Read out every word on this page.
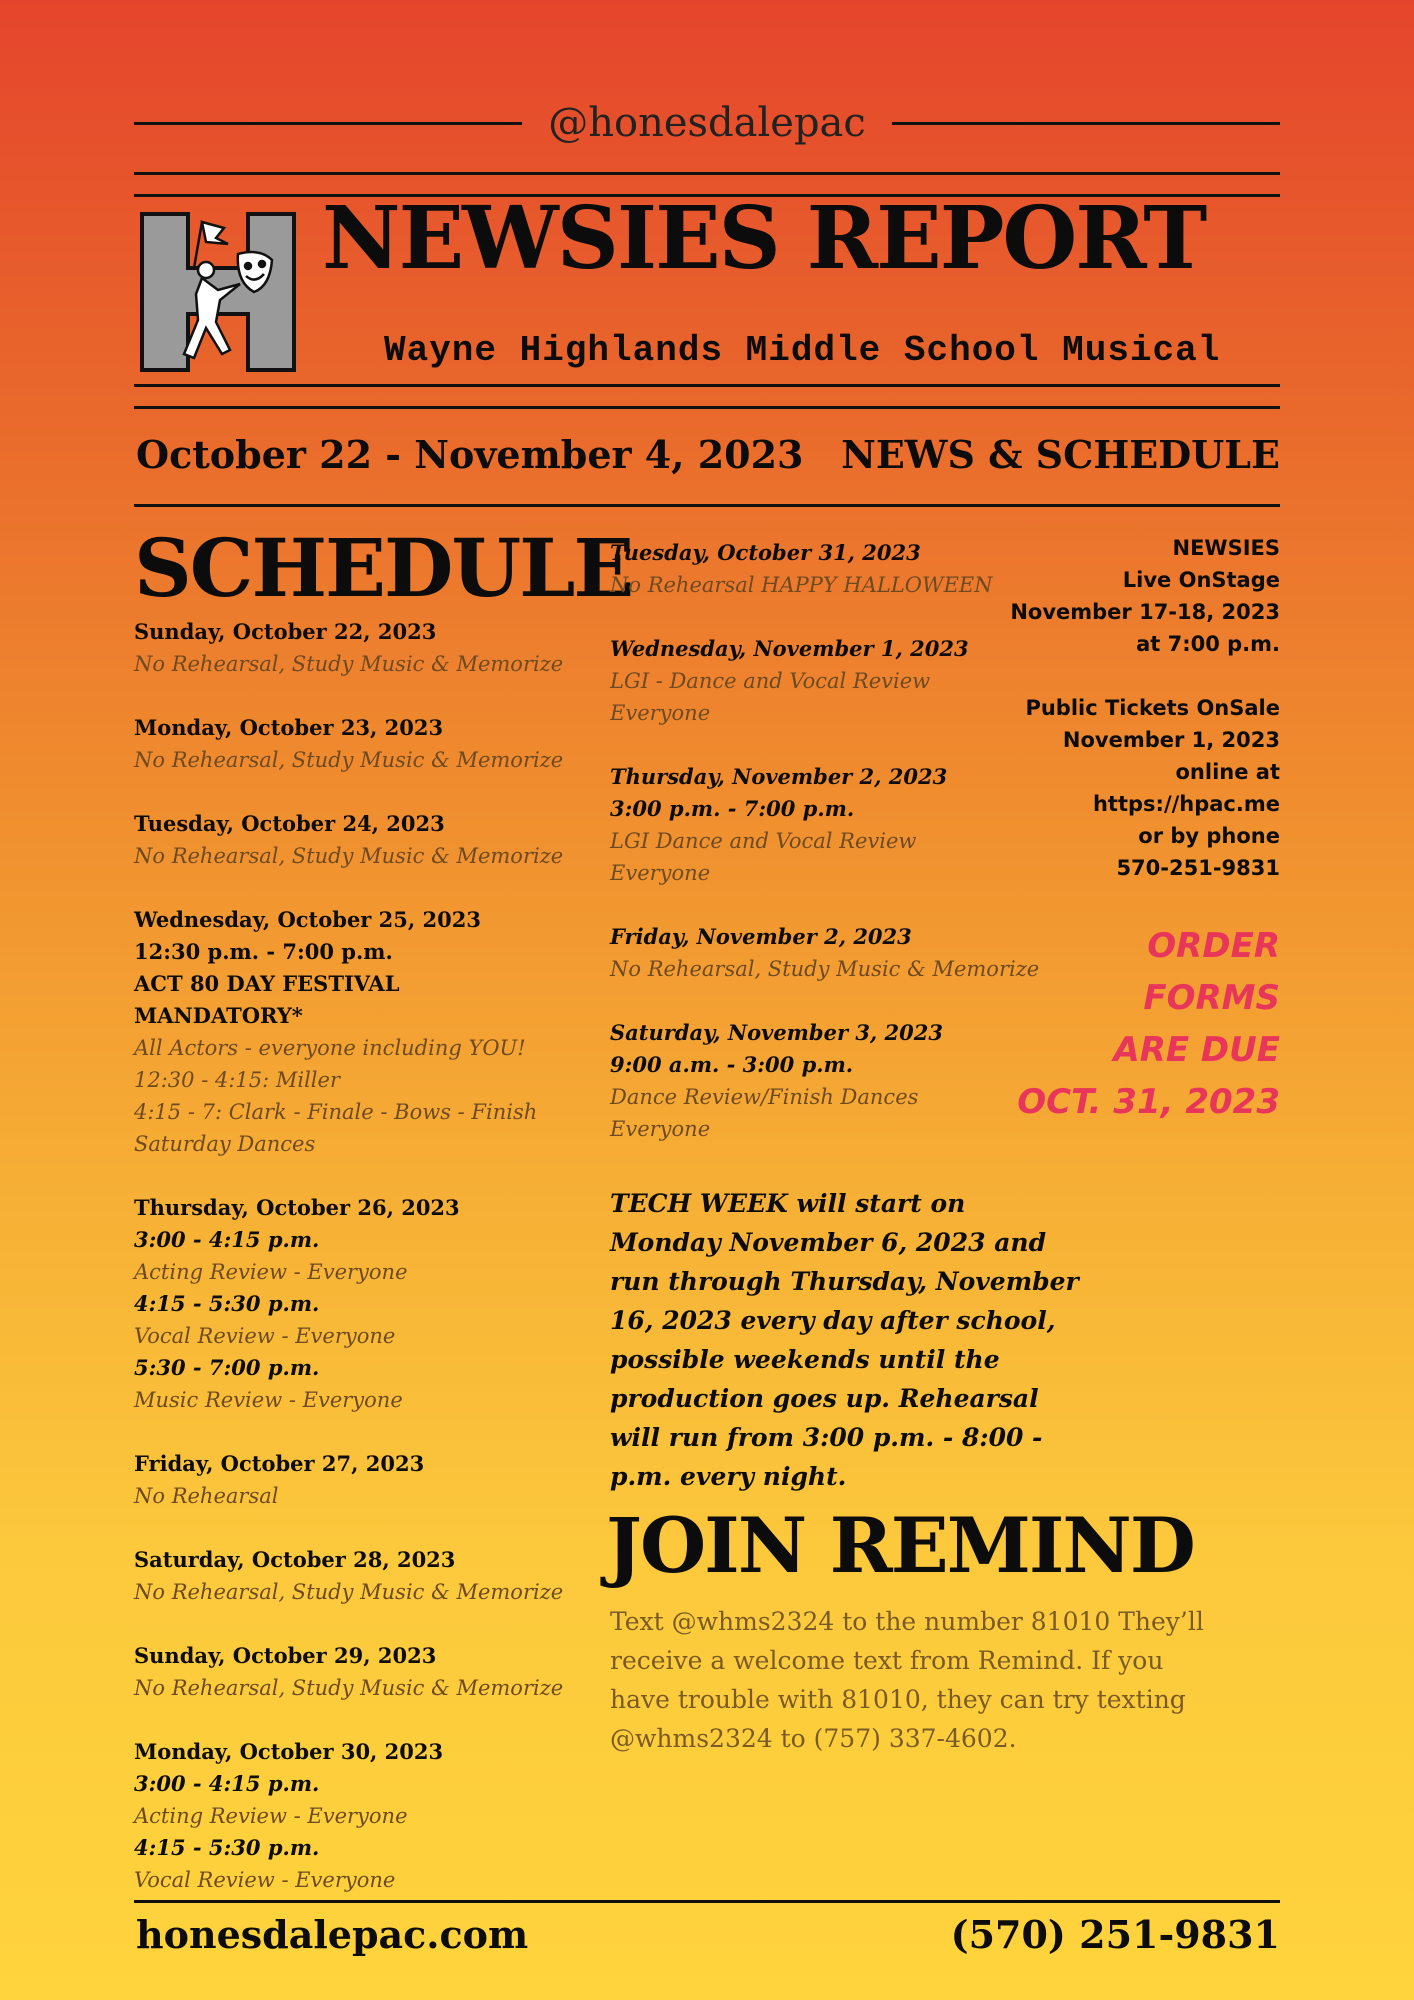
@honesdalepac
NEWSIES REPORT
Wayne Highlands Middle School Musical
October 22 - November 4, 2023 NEWS & SCHEDULE
SCHEDULE
Sunday, October 22, 2023
No Rehearsal, Study Music & Memorize
Monday, October 23, 2023
No Rehearsal, Study Music & Memorize
Tuesday, October 24, 2023
No Rehearsal, Study Music & Memorize
Wednesday, October 25, 2023
12:30 p.m. - 7:00 p.m.
ACT 80 DAY FESTIVAL
MANDATORY*
All Actors - everyone including YOU!
12:30 - 4:15: Miller
4:15 - 7: Clark - Finale - Bows - Finish
Saturday Dances
Thursday, October 26, 2023
3:00 - 4:15 p.m.
Acting Review - Everyone
4:15 - 5:30 p.m.
Vocal Review - Everyone
5:30 - 7:00 p.m.
Music Review - Everyone
Friday, October 27, 2023
No Rehearsal
Saturday, October 28, 2023
No Rehearsal, Study Music & Memorize
Sunday, October 29, 2023
No Rehearsal, Study Music & Memorize
Monday, October 30, 2023
3:00 - 4:15 p.m.
Acting Review - Everyone
4:15 - 5:30 p.m.
Vocal Review - Everyone
Tuesday, October 31, 2023
No Rehearsal HAPPY HALLOWEEN
Wednesday, November 1, 2023
LGI - Dance and Vocal Review
Everyone
Thursday, November 2, 2023
3:00 p.m. - 7:00 p.m.
LGI Dance and Vocal Review
Everyone
Friday, November 2, 2023
No Rehearsal, Study Music & Memorize
Saturday, November 3, 2023
9:00 a.m. - 3:00 p.m.
Dance Review/Finish Dances
Everyone
NEWSIES
Live OnStage
November 17-18, 2023
at 7:00 p.m.
Public Tickets OnSale
November 1, 2023
online at
https://hpac.me
or by phone
570-251-9831
ORDER
FORMS
ARE DUE
OCT. 31, 2023
TECH WEEK will start on Monday November 6, 2023 and run through Thursday, November 16, 2023 every day after school, possible weekends until the production goes up. Rehearsal will run from 3:00 p.m. - 8:00 - p.m. every night.
JOIN REMIND
Text @whms2324 to the number 81010 They’ll receive a welcome text from Remind. If you have trouble with 81010, they can try texting @whms2324 to (757) 337-4602.
honesdalepac.com	(570) 251-9831
